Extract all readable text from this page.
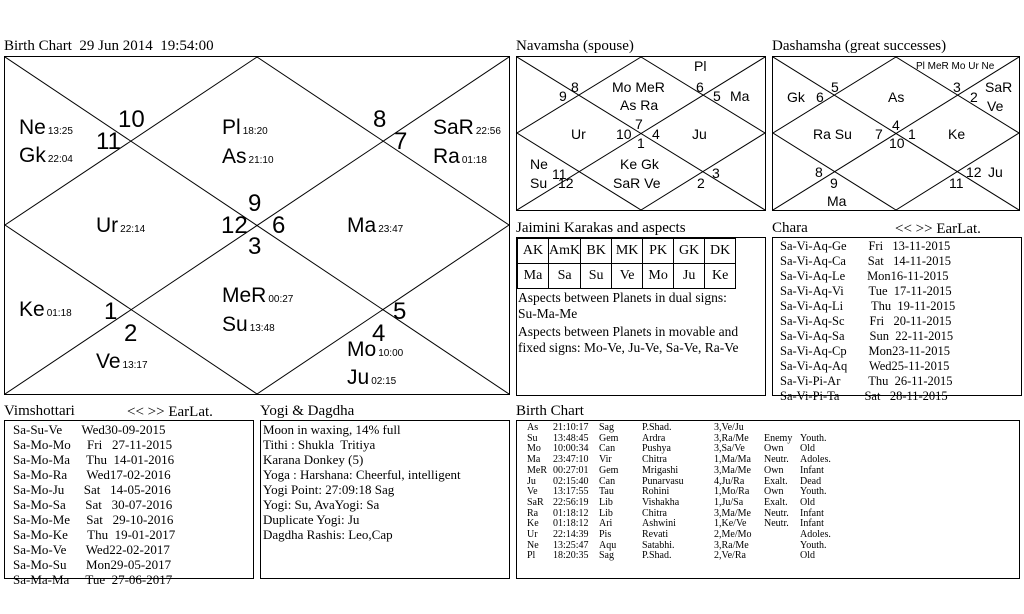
Birth Chart  29 Jun 2014  19:54:00
10
11
8
7
9
12 6
3
1
2
5
4
Ne 13:25
Gk 22:04
Pl 18:20
As 21:10
SaR 22:56
Ra 01:18
Ur 22:14	Ma 23:47
Ke 01:18
MeR 00:27
Su 13:48
Ve 13:17
Mo 10:00
Ju 02:15
Navamsha (spouse)
Pl
9
8 Mo MeR
As Ra
6
5 Ma
Ur 10
7
4
1
Ju
Ne
Su
11
12
Ke Gk
SaR Ve	2
3
Dashamsha (great successes)
Pl MeR Mo Ur Ne
Gk 6
5
As
3
2
SaR
Ve
Ra Su 7
4
10
1 Ke
8
9
Ma
11
12 Ju
Jaimini Karakas and aspects
AK	AmK	BK	MK	PK	GK	DK
Ma	Sa	Su	Ve	Mo	Ju	Ke
Aspects between Planets in dual signs:
Su-Ma-Me
Aspects between Planets in movable and fixed signs: Mo-Ve, Ju-Ve, Sa-Ve, Ra-Ve
Chara	<< >> EarLat.
Sa-Vi-Aq-Ge       Fri   13-11-2015
Sa-Vi-Aq-Ca       Sat   14-11-2015
Sa-Vi-Aq-Le       Mon16-11-2015
Sa-Vi-Aq-Vi        Tue  17-11-2015
Sa-Vi-Aq-Li         Thu  19-11-2015
Sa-Vi-Aq-Sc        Fri   20-11-2015
Sa-Vi-Aq-Sa        Sun  22-11-2015
Sa-Vi-Aq-Cp       Mon23-11-2015
Sa-Vi-Aq-Aq       Wed25-11-2015
Sa-Vi-Pi-Ar         Thu  26-11-2015
Sa-Vi-Pi-Ta        Sat   28-11-2015
Vimshottari	<< >> EarLat.
Sa-Su-Ve      Wed30-09-2015
Sa-Mo-Mo     Fri   27-11-2015
Sa-Mo-Ma     Thu  14-01-2016
Sa-Mo-Ra      Wed17-02-2016
Sa-Mo-Ju      Sat   14-05-2016
Sa-Mo-Sa      Sat   30-07-2016
Sa-Mo-Me     Sat   29-10-2016
Sa-Mo-Ke      Thu  19-01-2017
Sa-Mo-Ve      Wed22-02-2017
Sa-Mo-Su      Mon29-05-2017
Sa-Ma-Ma     Tue  27-06-2017
Yogi & Dagdha
Moon in waxing, 14% full
Tithi : Shukla  Tritiya
Karana Donkey (5)
Yoga : Harshana: Cheerful, intelligent
Yogi Point: 27:09:18 Sag
Yogi: Su, AvaYogi: Sa
Duplicate Yogi: Ju
Dagdha Rashis: Leo,Cap
Birth Chart
As 21:10:17 Sag	P.Shad.	3,Ve/Ju
Su 13:48:45 Gem Ardra	3,Ra/Me Enemy Youth.
Mo 10:00:34 Can	Pushya	3,Sa/Ve Own Old
Ma 23:47:10 Vir	Chitra	1,Ma/Ma Neutr. Adoles.
MeR 00:27:01 Gem Mrigashi	3,Ma/Me Own Infant
Ju 02:15:40 Can	Punarvasu	4,Ju/Ra Exalt. Dead
Ve 13:17:55 Tau	Rohini	1,Mo/Ra Own Youth.
SaR 22:56:19 Lib	Vishakha	1,Ju/Sa Exalt. Old
Ra 01:18:12 Lib	Chitra	3,Ma/Me Neutr. Infant
Ke 01:18:12 Ari	Ashwini	1,Ke/Ve Neutr. Infant
Ur 22:14:39 Pis	Revati	2,Me/Mo	Adoles.
Ne 13:25:47 Aqu	Satabhi.	3,Ra/Me	Youth.
Pl 18:20:35 Sag	P.Shad.	2,Ve/Ra	Old
